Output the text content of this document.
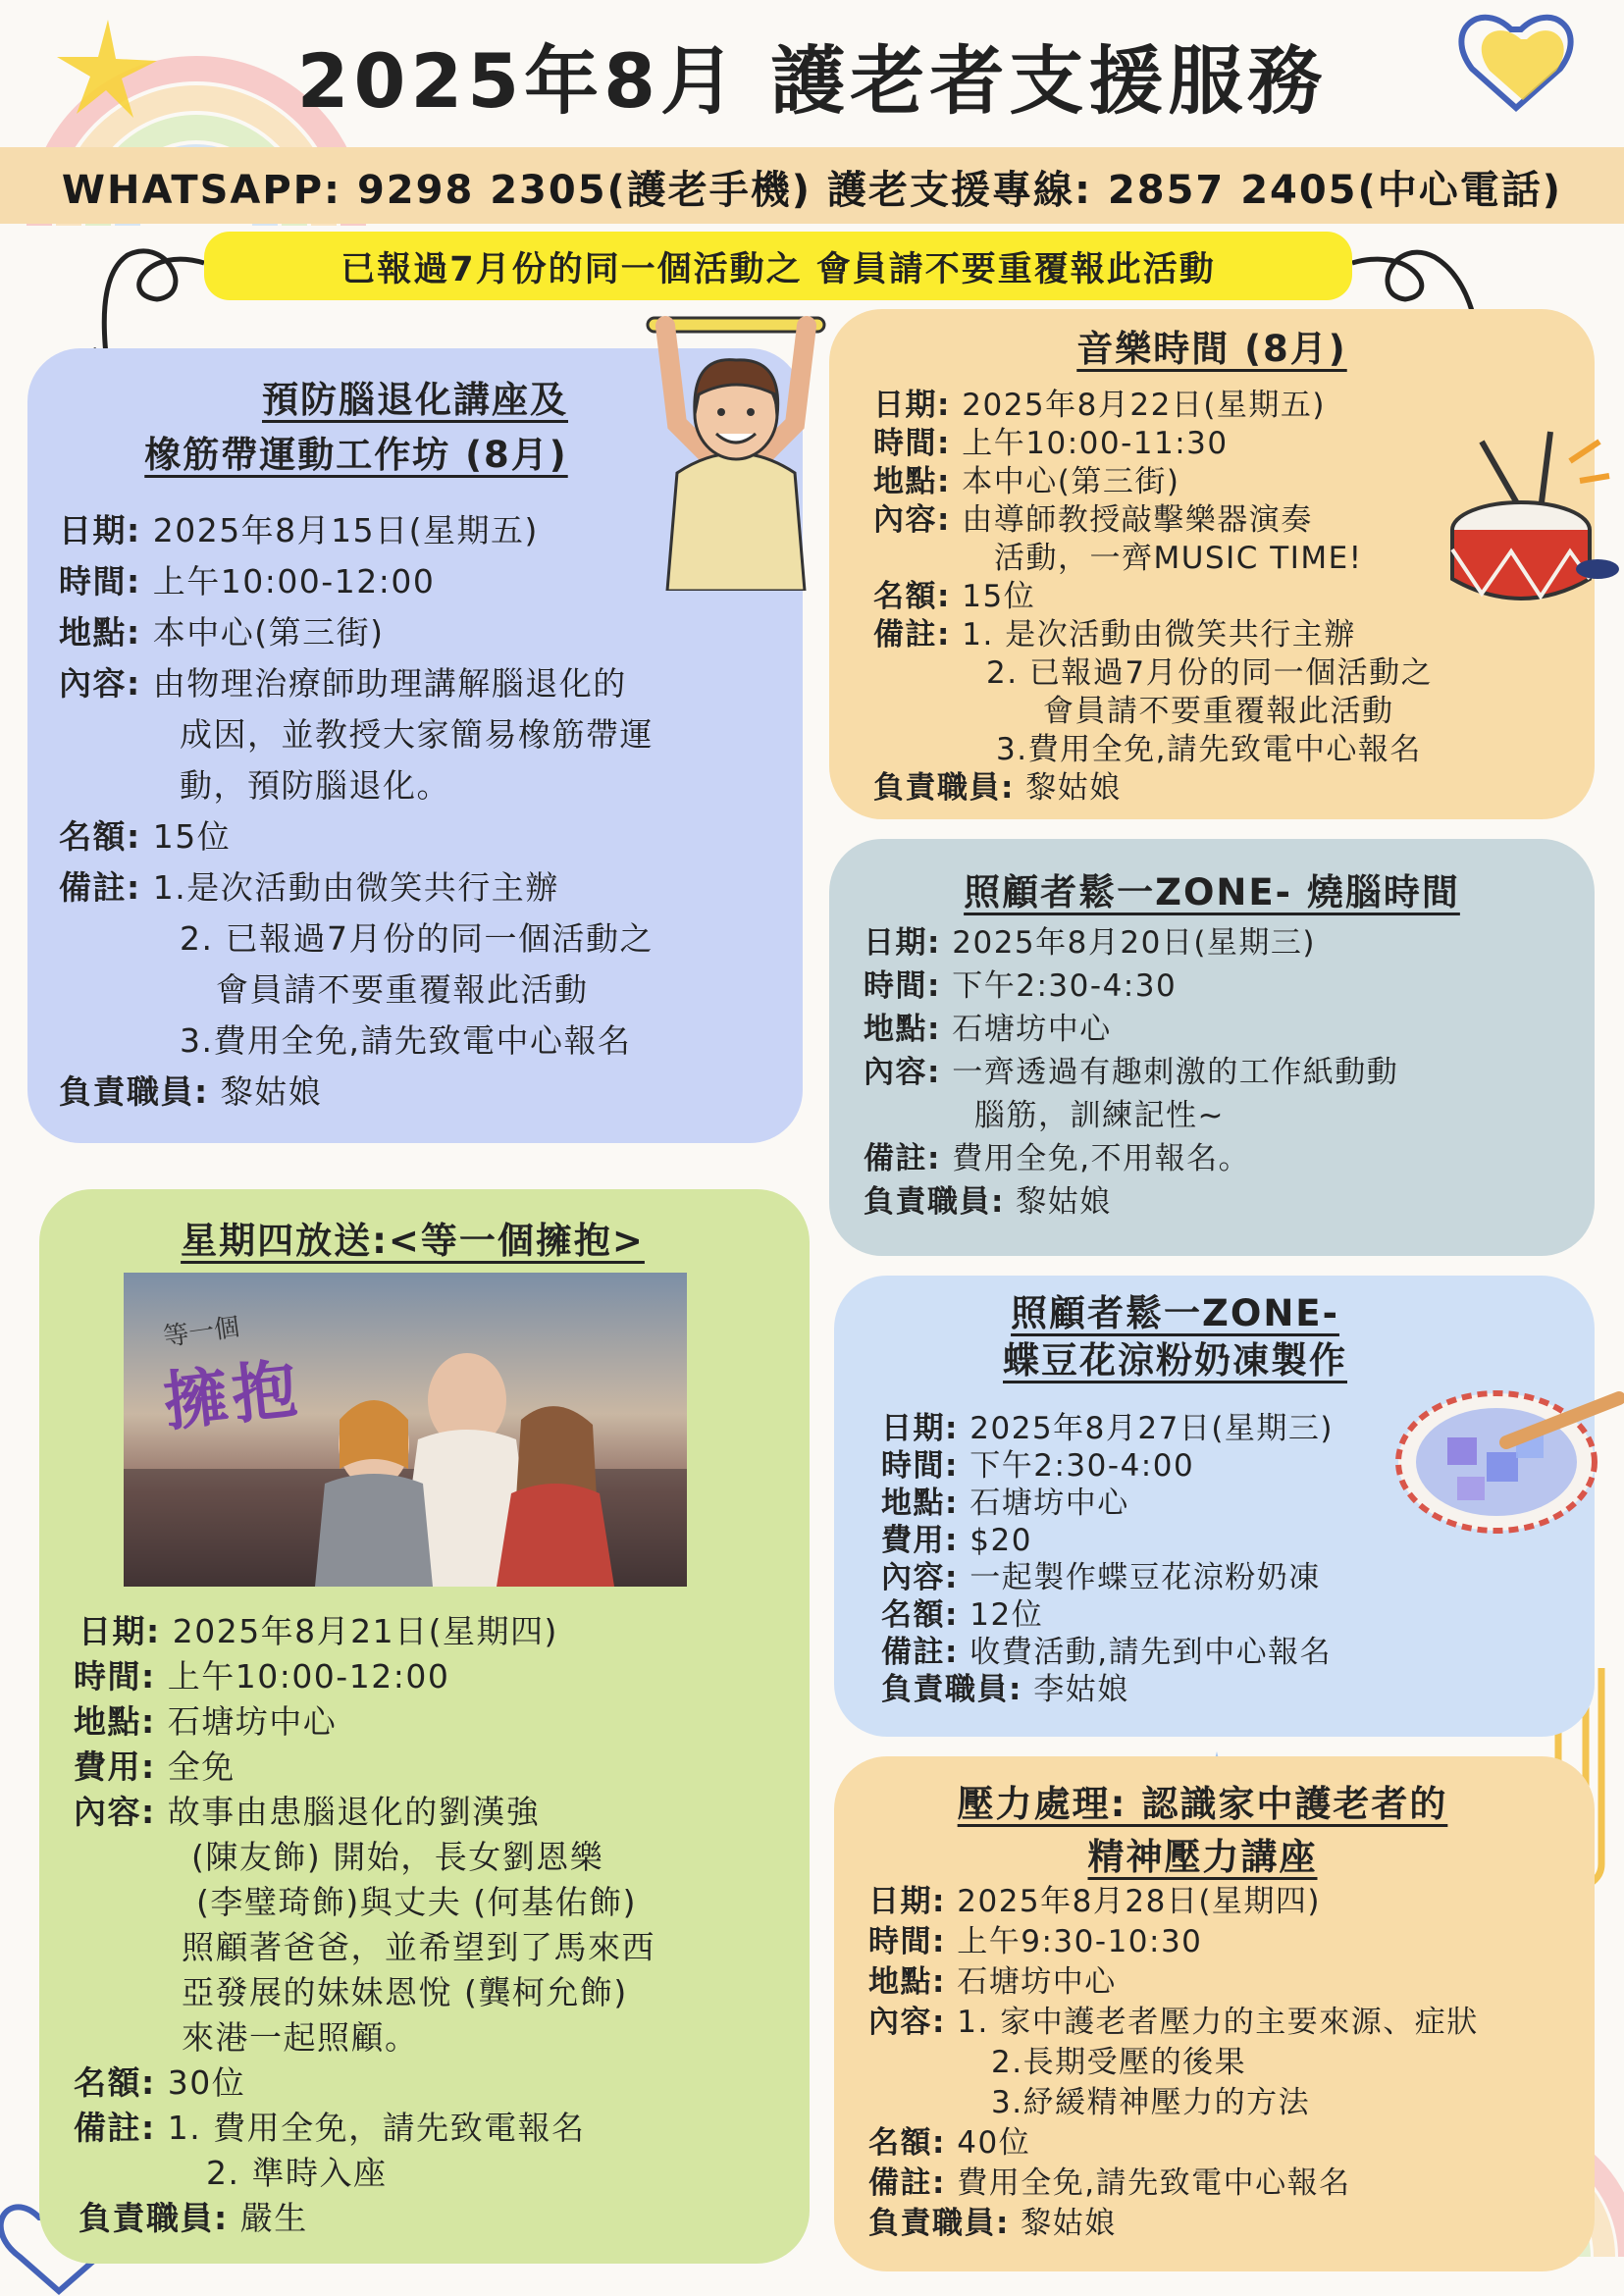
2025年8月 護老者支援服務
WHATSAPP: 9298 2305(護老手機) 護老支援專線: 2857 2405(中心電話)
已報過7月份的同一個活動之 會員請不要重覆報此活動
預防腦退化講座及
橡筋帶運動工作坊 (8月)
日期: 2025年8月15日(星期五)
時間: 上午10:00-12:00
地點: 本中心(第三街)
內容: 由物理治療師助理講解腦退化的
成因，並教授大家簡易橡筋帶運
動，預防腦退化。
名額: 15位
備註: 1.是次活動由微笑共行主辦
2. 已報過7月份的同一個活動之
會員請不要重覆報此活動
3.費用全免,請先致電中心報名
負責職員: 黎姑娘
音樂時間 (8月)
日期: 2025年8月22日(星期五)
時間: 上午10:00-11:30
地點: 本中心(第三街)
內容: 由導師教授敲擊樂器演奏
活動，一齊MUSIC TIME!
名額: 15位
備註: 1. 是次活動由微笑共行主辦
2. 已報過7月份的同一個活動之
會員請不要重覆報此活動
3.費用全免,請先致電中心報名
負責職員: 黎姑娘
照顧者鬆一ZONE- 燒腦時間
日期: 2025年8月20日(星期三)
時間: 下午2:30-4:30
地點: 石塘坊中心
內容: 一齊透過有趣刺激的工作紙動動
腦筋，訓練記性~
備註: 費用全免,不用報名。
負責職員: 黎姑娘
星期四放送:<等一個擁抱>
日期: 2025年8月21日(星期四)
時間: 上午10:00-12:00
地點: 石塘坊中心
費用: 全免
內容: 故事由患腦退化的劉漢強
(陳友飾) 開始，長女劉恩樂
(李璧琦飾)與丈夫 (何基佑飾)
照顧著爸爸，並希望到了馬來西
亞發展的妹妹恩悅 (龔柯允飾)
來港一起照顧。
名額: 30位
備註: 1. 費用全免，請先致電報名
2. 準時入座
負責職員: 嚴生
等一個
擁抱
照顧者鬆一ZONE-
蝶豆花涼粉奶凍製作
日期: 2025年8月27日(星期三)
時間: 下午2:30-4:00
地點: 石塘坊中心
費用: $20
內容: 一起製作蝶豆花涼粉奶凍
名額: 12位
備註: 收費活動,請先到中心報名
負責職員: 李姑娘
壓力處理: 認識家中護老者的
精神壓力講座
日期: 2025年8月28日(星期四)
時間: 上午9:30-10:30
地點: 石塘坊中心
內容: 1. 家中護老者壓力的主要來源、症狀
2.長期受壓的後果
3.紓緩精神壓力的方法
名額: 40位
備註: 費用全免,請先致電中心報名
負責職員: 黎姑娘
